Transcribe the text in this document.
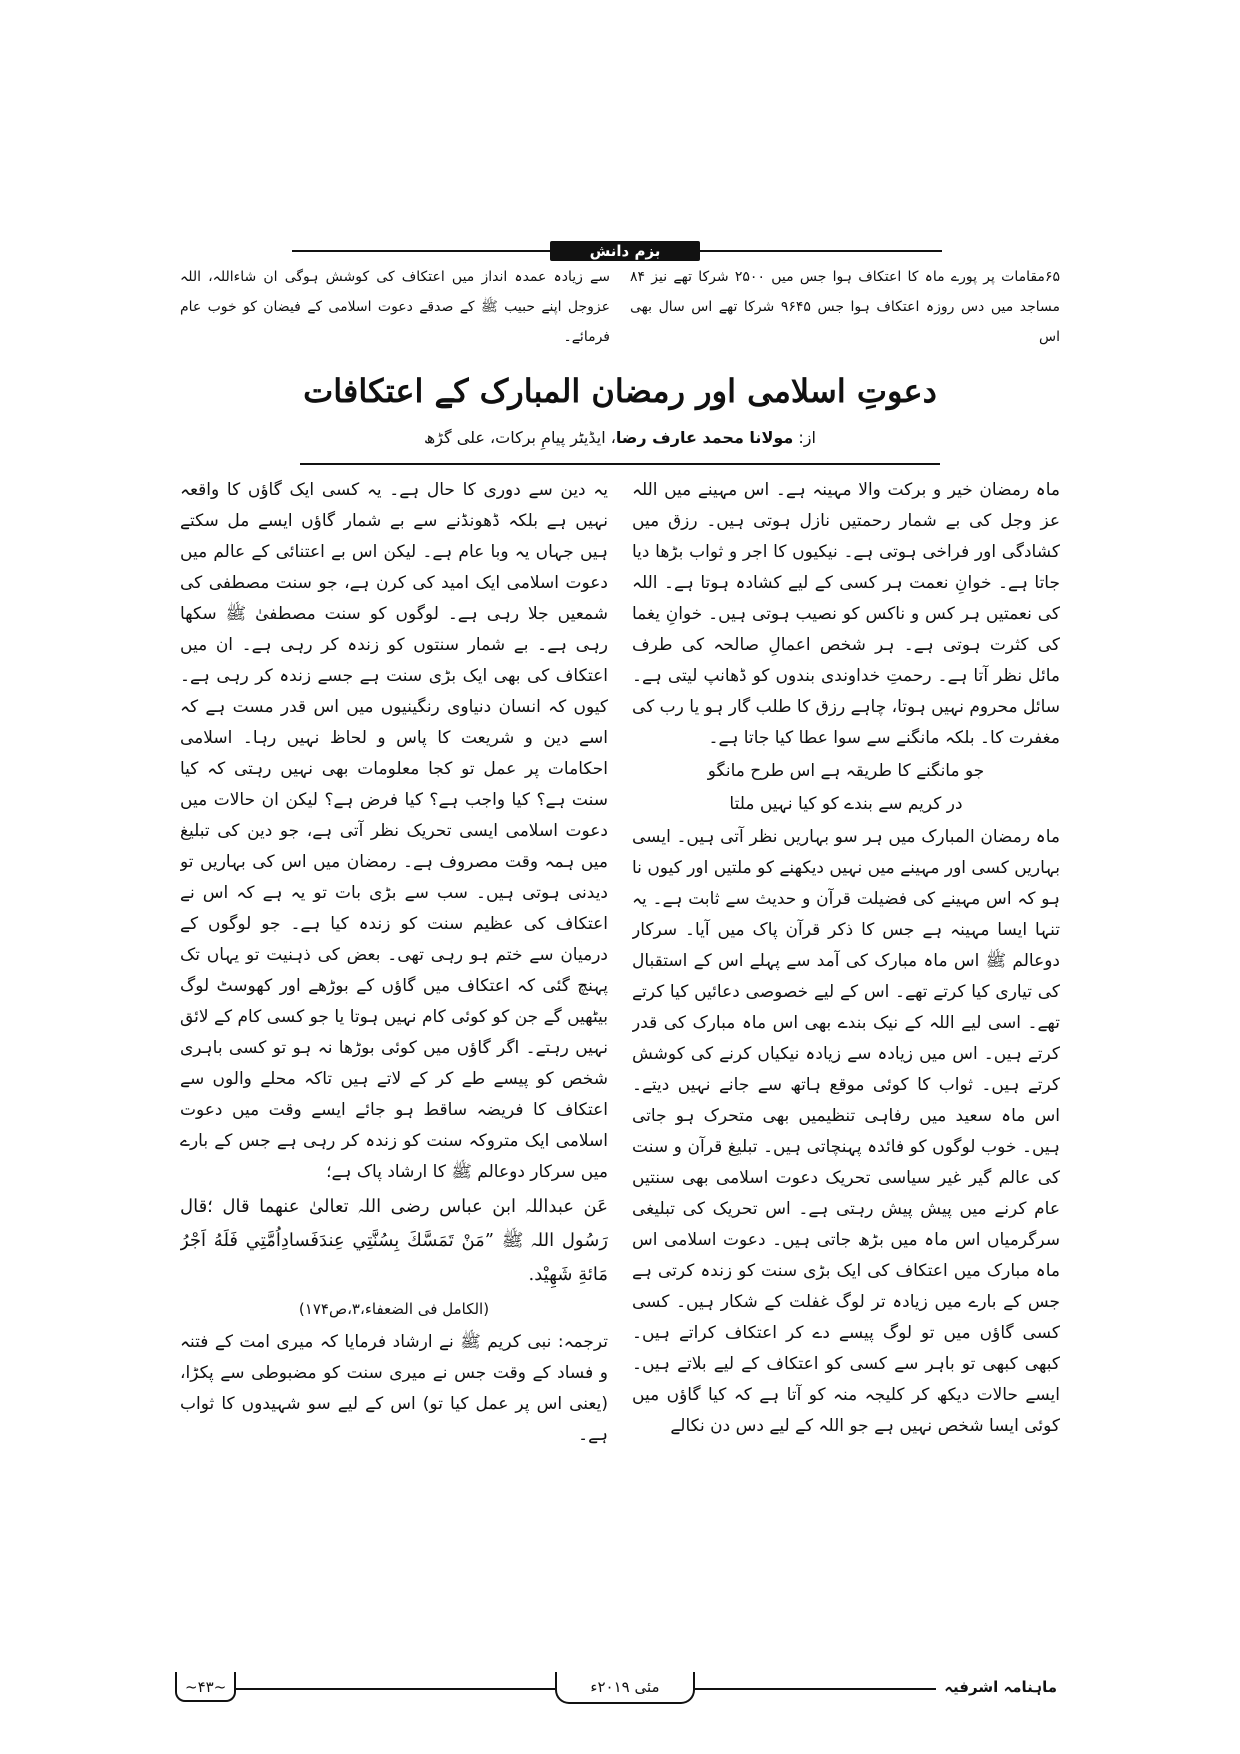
بزم دانش
۶۵مقامات پر پورے ماہ کا اعتکاف ہوا جس میں ۲۵۰۰ شرکا تھے نیز ۸۴ مساجد میں دس روزہ اعتکاف ہوا جس ۹۶۴۵ شرکا تھے اس سال بھی اس
سے زیادہ عمدہ انداز میں اعتکاف کی کوشش ہوگی ان شاءاللہ، اللہ عزوجل اپنے حبیب ﷺ کے صدقے دعوت اسلامی کے فیضان کو خوب عام فرمائے۔
دعوتِ اسلامی اور رمضان المبارک کے اعتکافات
از: مولانا محمد عارف رضا، ایڈیٹر پیامِ برکات، علی گڑھ

ماہ رمضان خیر و برکت والا مہینہ ہے۔ اس مہینے میں اللہ عز وجل کی بے شمار رحمتیں نازل ہوتی ہیں۔ رزق میں کشادگی اور فراخی ہوتی ہے۔ نیکیوں کا اجر و ثواب بڑھا دیا جاتا ہے۔ خوانِ نعمت ہر کسی کے لیے کشادہ ہوتا ہے۔ اللہ کی نعمتیں ہر کس و ناکس کو نصیب ہوتی ہیں۔ خوانِ یغما کی کثرت ہوتی ہے۔ ہر شخص اعمالِ صالحہ کی طرف مائل نظر آتا ہے۔ رحمتِ خداوندی بندوں کو ڈھانپ لیتی ہے۔ سائل محروم نہیں ہوتا، چاہے رزق کا طلب گار ہو یا رب کی مغفرت کا۔ بلکہ مانگنے سے سوا عطا کیا جاتا ہے۔

جو مانگنے کا طریقہ ہے اس طرح مانگو

در کریم سے بندے کو کیا نہیں ملتا

ماہ رمضان المبارک میں ہر سو بہاریں نظر آتی ہیں۔ ایسی بہاریں کسی اور مہینے میں نہیں دیکھنے کو ملتیں اور کیوں نا ہو کہ اس مہینے کی فضیلت قرآن و حدیث سے ثابت ہے۔ یہ تنہا ایسا مہینہ ہے جس کا ذکر قرآن پاک میں آیا۔ سرکار دوعالم ﷺ اس ماہ مبارک کی آمد سے پہلے اس کے استقبال کی تیاری کیا کرتے تھے۔ اس کے لیے خصوصی دعائیں کیا کرتے تھے۔ اسی لیے اللہ کے نیک بندے بھی اس ماہ مبارک کی قدر کرتے ہیں۔ اس میں زیادہ سے زیادہ نیکیاں کرنے کی کوشش کرتے ہیں۔ ثواب کا کوئی موقع ہاتھ سے جانے نہیں دیتے۔ اس ماہ سعید میں رفاہی تنظیمیں بھی متحرک ہو جاتی ہیں۔ خوب لوگوں کو فائدہ پہنچاتی ہیں۔ تبلیغ قرآن و سنت کی عالم گیر غیر سیاسی تحریک دعوت اسلامی بھی سنتیں عام کرنے میں پیش پیش رہتی ہے۔ اس تحریک کی تبلیغی سرگرمیاں اس ماہ میں بڑھ جاتی ہیں۔ دعوت اسلامی اس ماہ مبارک میں اعتکاف کی ایک بڑی سنت کو زندہ کرتی ہے جس کے بارے میں زیادہ تر لوگ غفلت کے شکار ہیں۔ کسی کسی گاؤں میں تو لوگ پیسے دے کر اعتکاف کراتے ہیں۔ کبھی کبھی تو باہر سے کسی کو اعتکاف کے لیے بلاتے ہیں۔ ایسے حالات دیکھ کر کلیجہ منہ کو آتا ہے کہ کیا گاؤں میں کوئی ایسا شخص نہیں ہے جو اللہ کے لیے دس دن نکالے

یہ دین سے دوری کا حال ہے۔ یہ کسی ایک گاؤں کا واقعہ نہیں ہے بلکہ ڈھونڈنے سے بے شمار گاؤں ایسے مل سکتے ہیں جہاں یہ وبا عام ہے۔ لیکن اس بے اعتنائی کے عالم میں دعوت اسلامی ایک امید کی کرن ہے، جو سنت مصطفی کی شمعیں جلا رہی ہے۔ لوگوں کو سنت مصطفیٰ ﷺ سکھا رہی ہے۔ بے شمار سنتوں کو زندہ کر رہی ہے۔ ان میں اعتکاف کی بھی ایک بڑی سنت ہے جسے زندہ کر رہی ہے۔ کیوں کہ انسان دنیاوی رنگینیوں میں اس قدر مست ہے کہ اسے دین و شریعت کا پاس و لحاظ نہیں رہا۔ اسلامی احکامات پر عمل تو کجا معلومات بھی نہیں رہتی کہ کیا سنت ہے؟ کیا واجب ہے؟ کیا فرض ہے؟ لیکن ان حالات میں دعوت اسلامی ایسی تحریک نظر آتی ہے، جو دین کی تبلیغ میں ہمہ وقت مصروف ہے۔ رمضان میں اس کی بہاریں تو دیدنی ہوتی ہیں۔ سب سے بڑی بات تو یہ ہے کہ اس نے اعتکاف کی عظیم سنت کو زندہ کیا ہے۔ جو لوگوں کے درمیان سے ختم ہو رہی تھی۔ بعض کی ذہنیت تو یہاں تک پہنچ گئی کہ اعتکاف میں گاؤں کے بوڑھے اور کھوسٹ لوگ بیٹھیں گے جن کو کوئی کام نہیں ہوتا یا جو کسی کام کے لائق نہیں رہتے۔ اگر گاؤں میں کوئی بوڑھا نہ ہو تو کسی باہری شخص کو پیسے طے کر کے لاتے ہیں تاکہ محلے والوں سے اعتکاف کا فریضہ ساقط ہو جائے ایسے وقت میں دعوت اسلامی ایک متروکہ سنت کو زندہ کر رہی ہے جس کے بارے میں سرکار دوعالم ﷺ کا ارشاد پاک ہے؛

عَن عبداللہ ابن عباس رضی اللہ تعالیٰ عنھما قال ؛قال رَسُول اللہ ﷺ ”مَنْ تَمَسَّكَ بِسُنَّتِي عِندَفَسادِاُمَّتِي فَلَهُ اَجْرُ مَائةِ شَهِيْد.

(الکامل فی الضعفاء،۳،ص۱۷۴)

ترجمہ: نبی کریم ﷺ نے ارشاد فرمایا کہ میری امت کے فتنہ و فساد کے وقت جس نے میری سنت کو مضبوطی سے پکڑا، (یعنی اس پر عمل کیا تو) اس کے لیے سو شہیدوں کا ثواب ہے۔

ماہنامہ اشرفیہ
مئی ۲۰۱۹ء
~۴۳~
